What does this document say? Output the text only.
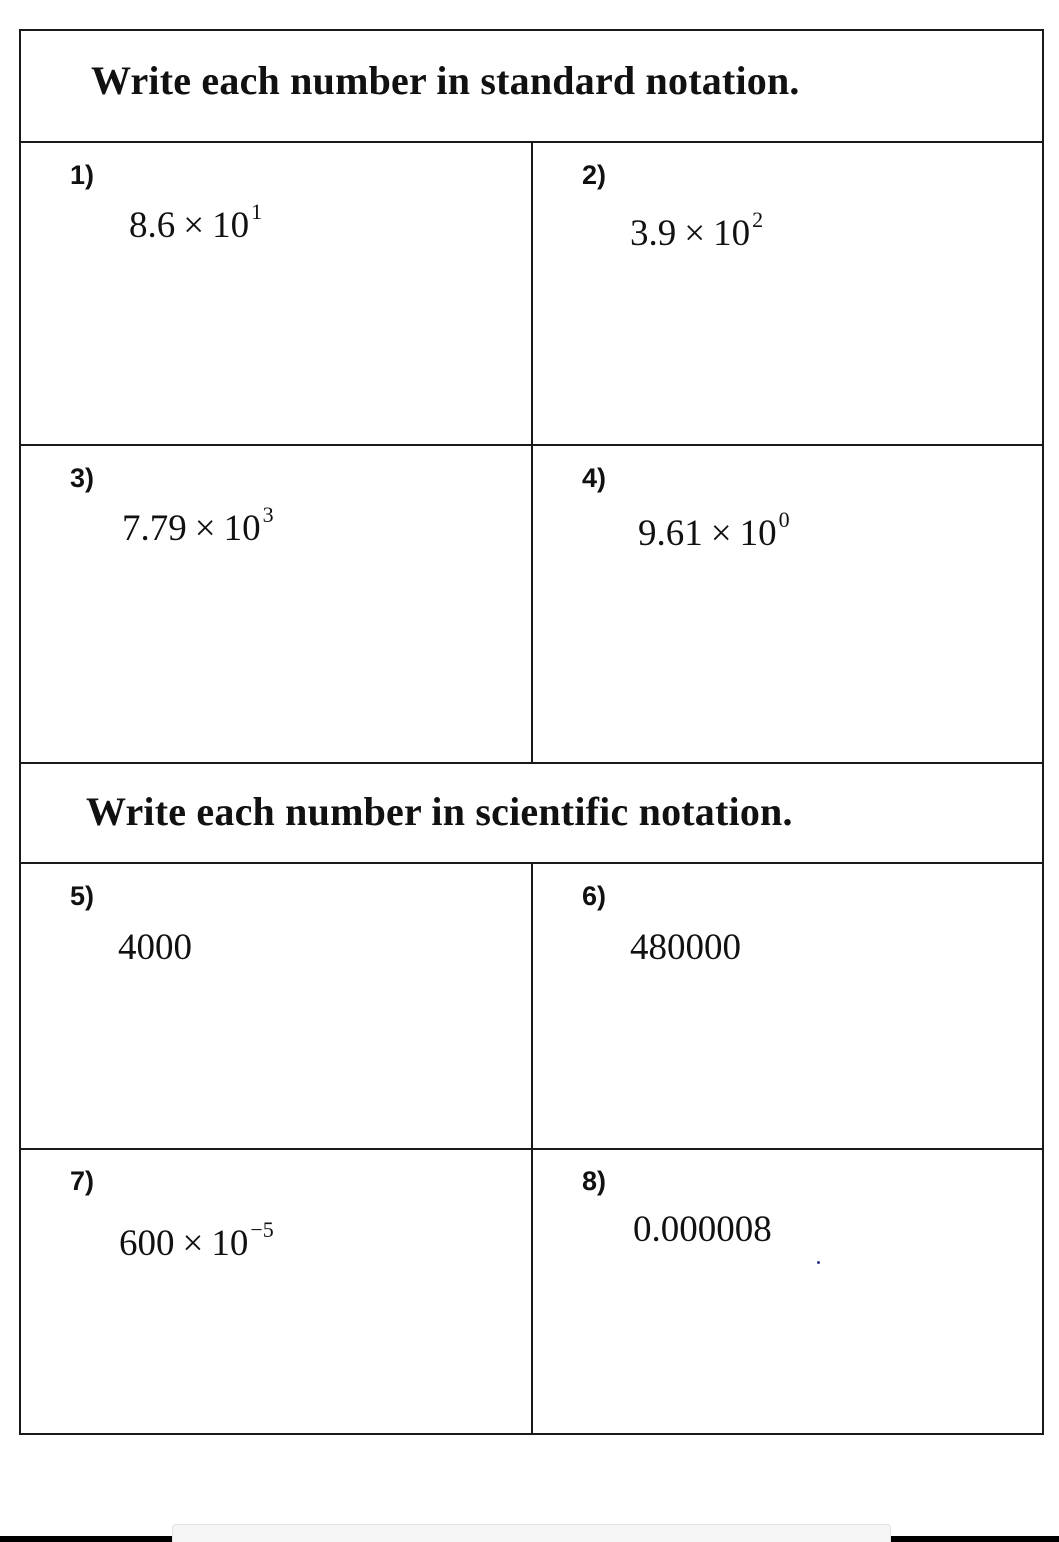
Write each number in standard notation.
1)
$8.6 \times 10^1$
2)
$3.9 \times 10^2$
3)
$7.79 \times 10^3$
4)
$9.61 \times 10^0$
Write each number in scientific notation.
5)
4000
6)
480000
7)
$600 \times 10^{-5}$
8)
0.000008
